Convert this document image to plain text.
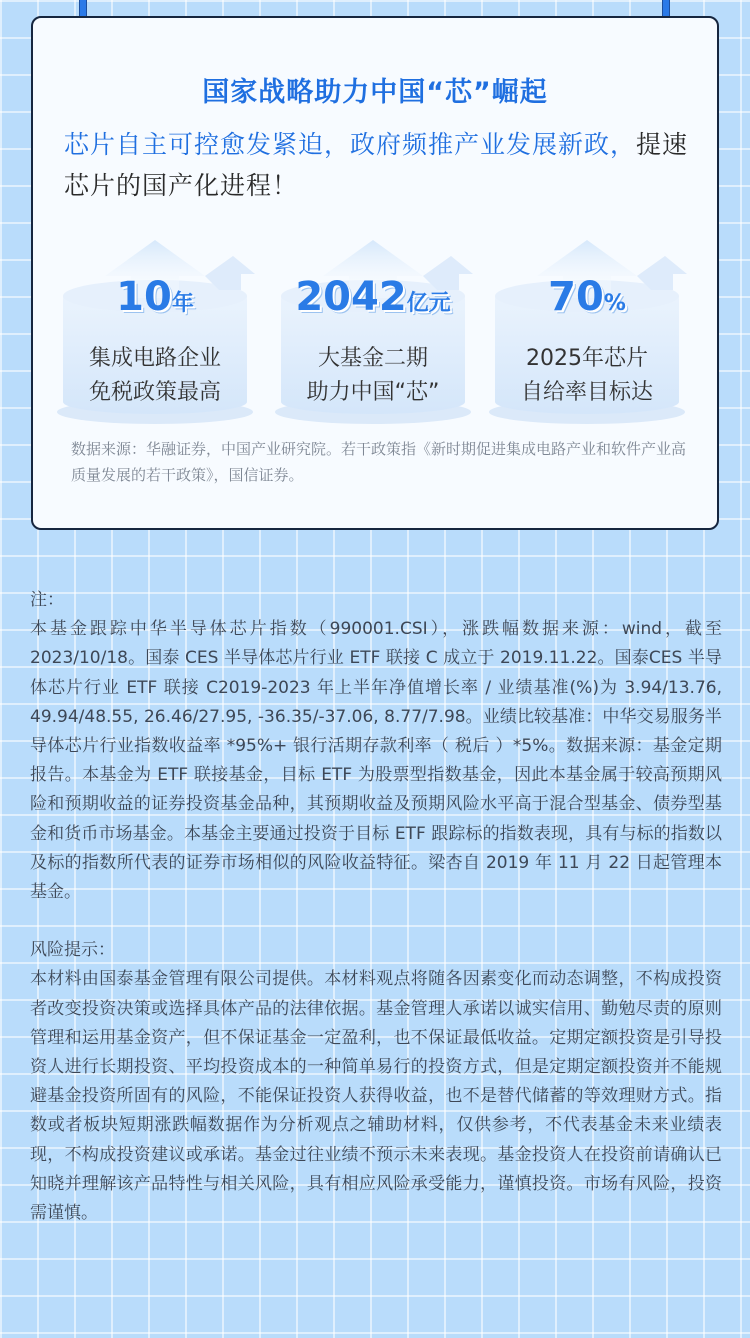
国家战略助力中国“芯”崛起
芯片自主可控愈发紧迫，政府频推产业发展新政，提速芯片的国产化进程！
10年
集成电路企业
免税政策最高
2042亿元
大基金二期
助力中国“芯”
70%
2025年芯片
自给率目标达
数据来源：华融证券，中国产业研究院。若干政策指《新时期促进集成电路产业和软件产业高质量发展的若干政策》，国信证券。

注：

本基金跟踪中华半导体芯片指数（990001.CSI），涨跌幅数据来源：wind，截至2023/10/18。国泰 CES 半导体芯片行业 ETF 联接 C 成立于 2019.11.22。国泰CES 半导体芯片行业 ETF 联接 C2019-2023 年上半年净值增长率 / 业绩基准(%)为 3.94/13.76, 49.94/48.55, 26.46/27.95, -36.35/-37.06, 8.77/7.98。业绩比较基准：中华交易服务半导体芯片行业指数收益率 *95%+ 银行活期存款利率（ 税后 ）*5%。数据来源：基金定期报告。本基金为 ETF 联接基金，目标 ETF 为股票型指数基金，因此本基金属于较高预期风险和预期收益的证券投资基金品种，其预期收益及预期风险水平高于混合型基金、债券型基金和货币市场基金。本基金主要通过投资于目标 ETF 跟踪标的指数表现，具有与标的指数以及标的指数所代表的证券市场相似的风险收益特征。梁杏自 2019 年 11 月 22 日起管理本基金。

风险提示：

本材料由国泰基金管理有限公司提供。本材料观点将随各因素变化而动态调整，不构成投资者改变投资决策或选择具体产品的法律依据。基金管理人承诺以诚实信用、勤勉尽责的原则管理和运用基金资产，但不保证基金一定盈利，也不保证最低收益。定期定额投资是引导投资人进行长期投资、平均投资成本的一种简单易行的投资方式，但是定期定额投资并不能规避基金投资所固有的风险，不能保证投资人获得收益，也不是替代储蓄的等效理财方式。指数或者板块短期涨跌幅数据作为分析观点之辅助材料，仅供参考，不代表基金未来业绩表现，不构成投资建议或承诺。基金过往业绩不预示未来表现。基金投资人在投资前请确认已知晓并理解该产品特性与相关风险，具有相应风险承受能力，谨慎投资。市场有风险，投资需谨慎。
